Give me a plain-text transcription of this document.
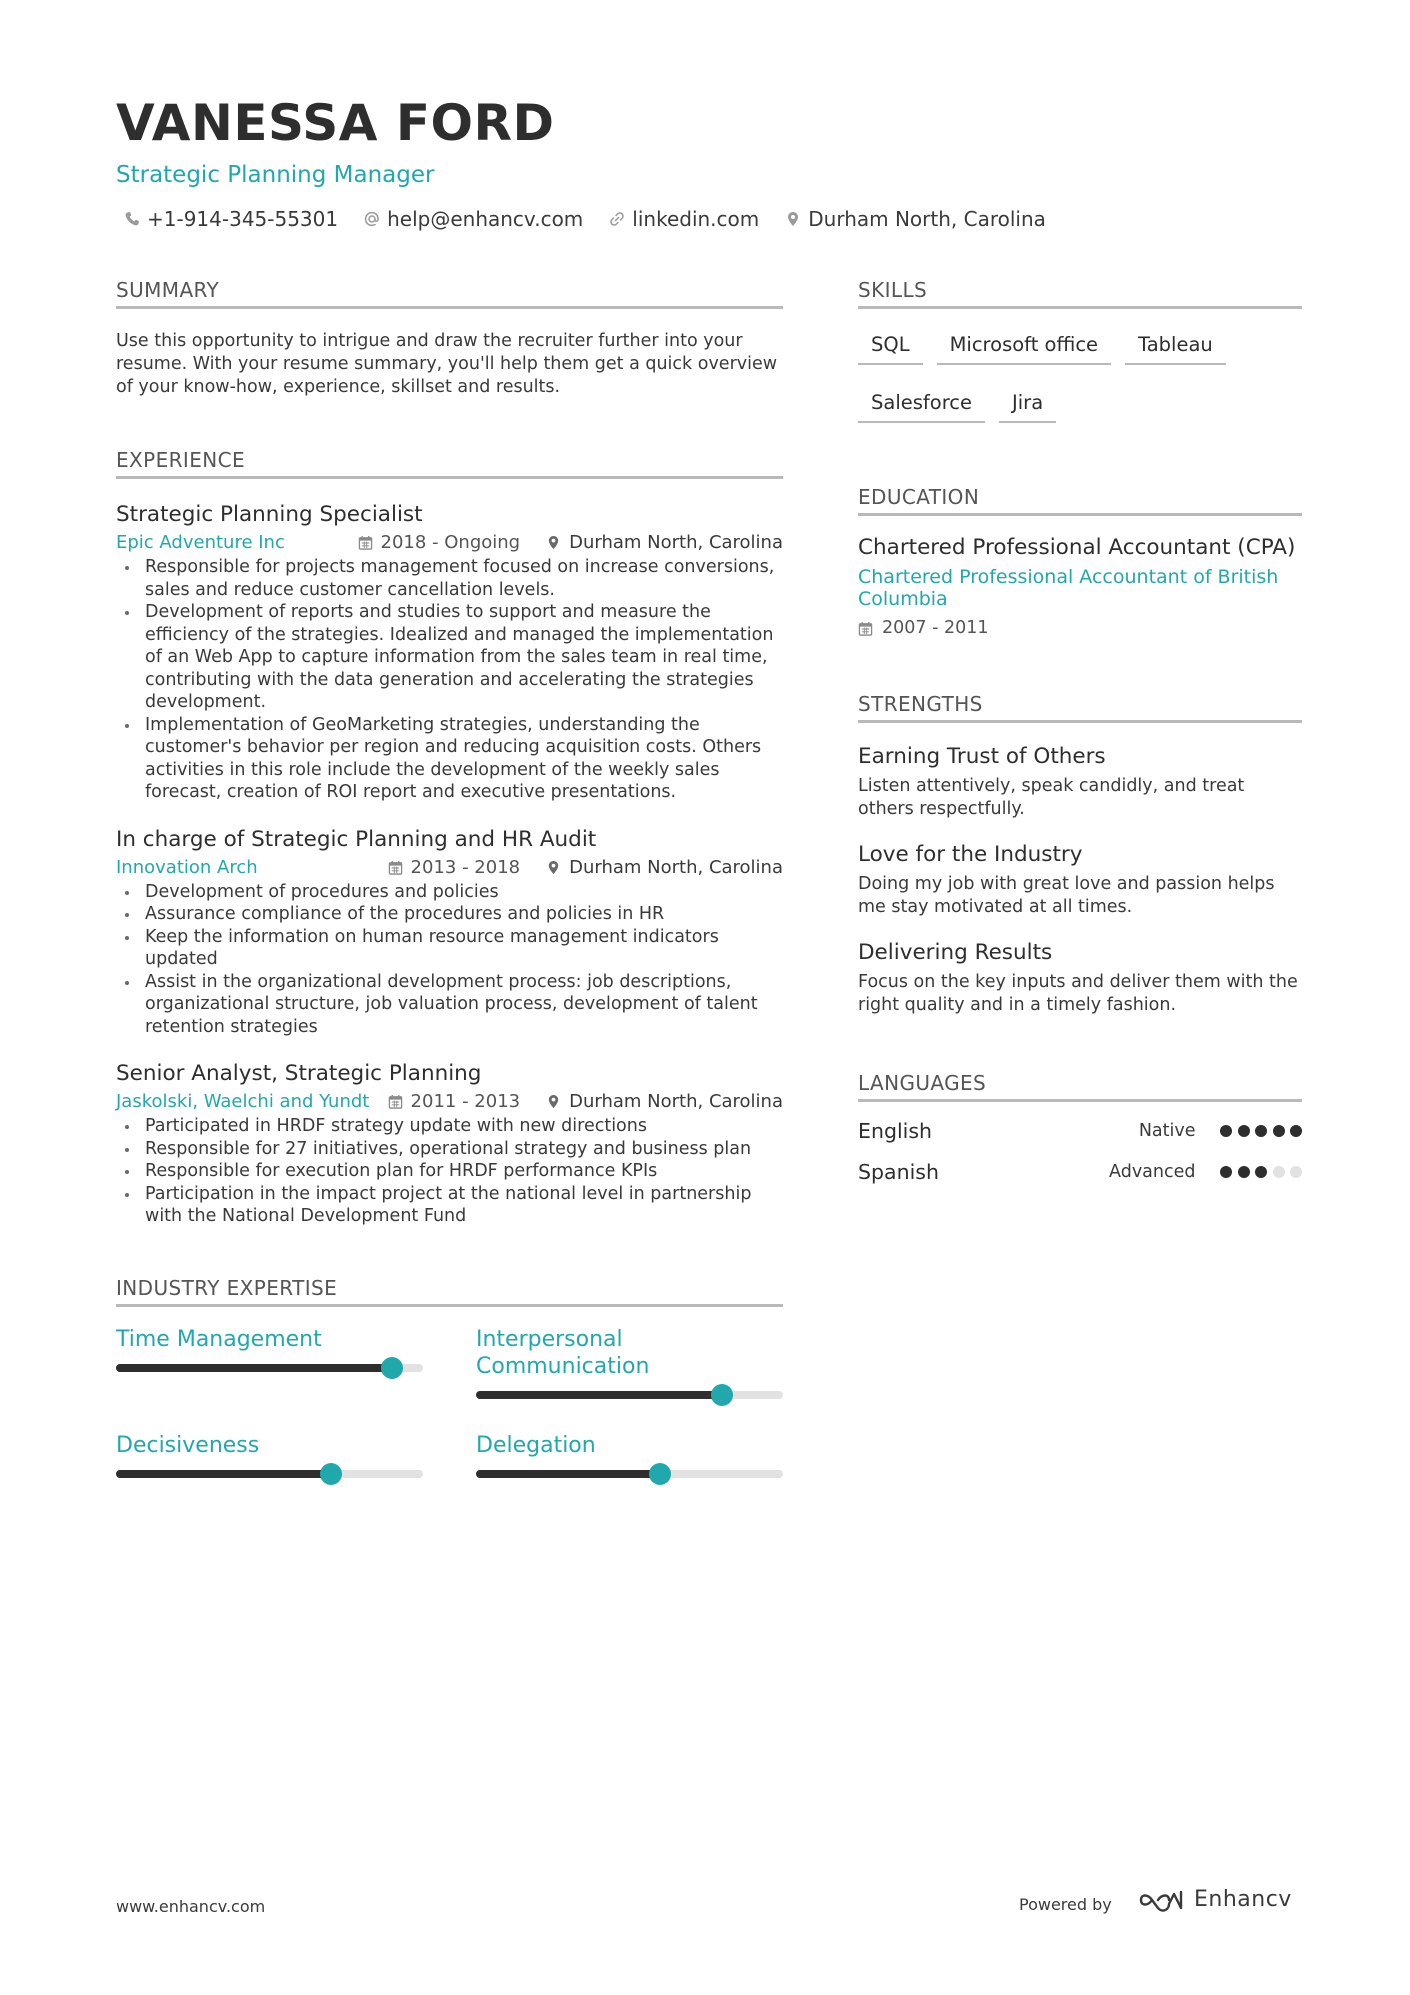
VANESSA FORD
Strategic Planning Manager
+1-914-345-55301 help@enhancv.com linkedin.com Durham North, Carolina
SUMMARY

Use this opportunity to intrigue and draw the recruiter further into your resume. With your resume summary, you'll help them get a quick overview of your know-how, experience, skillset and results.

EXPERIENCE
Strategic Planning Specialist
Epic Adventure Inc	2018 - Ongoing	Durham North, Carolina
Responsible for projects management focused on increase conversions, sales and reduce customer cancellation levels.
Development of reports and studies to support and measure the efficiency of the strategies. Idealized and managed the implementation of an Web App to capture information from the sales team in real time, contributing with the data generation and accelerating the strategies development.
Implementation of GeoMarketing strategies, understanding the customer's behavior per region and reducing acquisition costs. Others activities in this role include the development of the weekly sales forecast, creation of ROI report and executive presentations.
In charge of Strategic Planning and HR Audit
Innovation Arch	2013 - 2018	Durham North, Carolina
Development of procedures and policies
Assurance compliance of the procedures and policies in HR
Keep the information on human resource management indicators updated
Assist in the organizational development process: job descriptions, organizational structure, job valuation process, development of talent retention strategies
Senior Analyst, Strategic Planning
Jaskolski, Waelchi and Yundt	2011 - 2013	Durham North, Carolina
Participated in HRDF strategy update with new directions
Responsible for 27 initiatives, operational strategy and business plan
Responsible for execution plan for HRDF performance KPIs
Participation in the impact project at the national level in partnership with the National Development Fund
INDUSTRY EXPERTISE
Time Management	Interpersonal Communication
Decisiveness	Delegation
SKILLS
SQL	Microsoft office	Tableau
Salesforce	Jira
EDUCATION
Chartered Professional Accountant (CPA)
Chartered Professional Accountant of British Columbia
2007 - 2011
STRENGTHS
Earning Trust of Others
Listen attentively, speak candidly, and treat others respectfully.
Love for the Industry
Doing my job with great love and passion helps me stay motivated at all times.
Delivering Results
Focus on the key inputs and deliver them with the right quality and in a timely fashion.
LANGUAGES
English	Native
Spanish	Advanced
www.enhancv.com	Powered by	Enhancv
